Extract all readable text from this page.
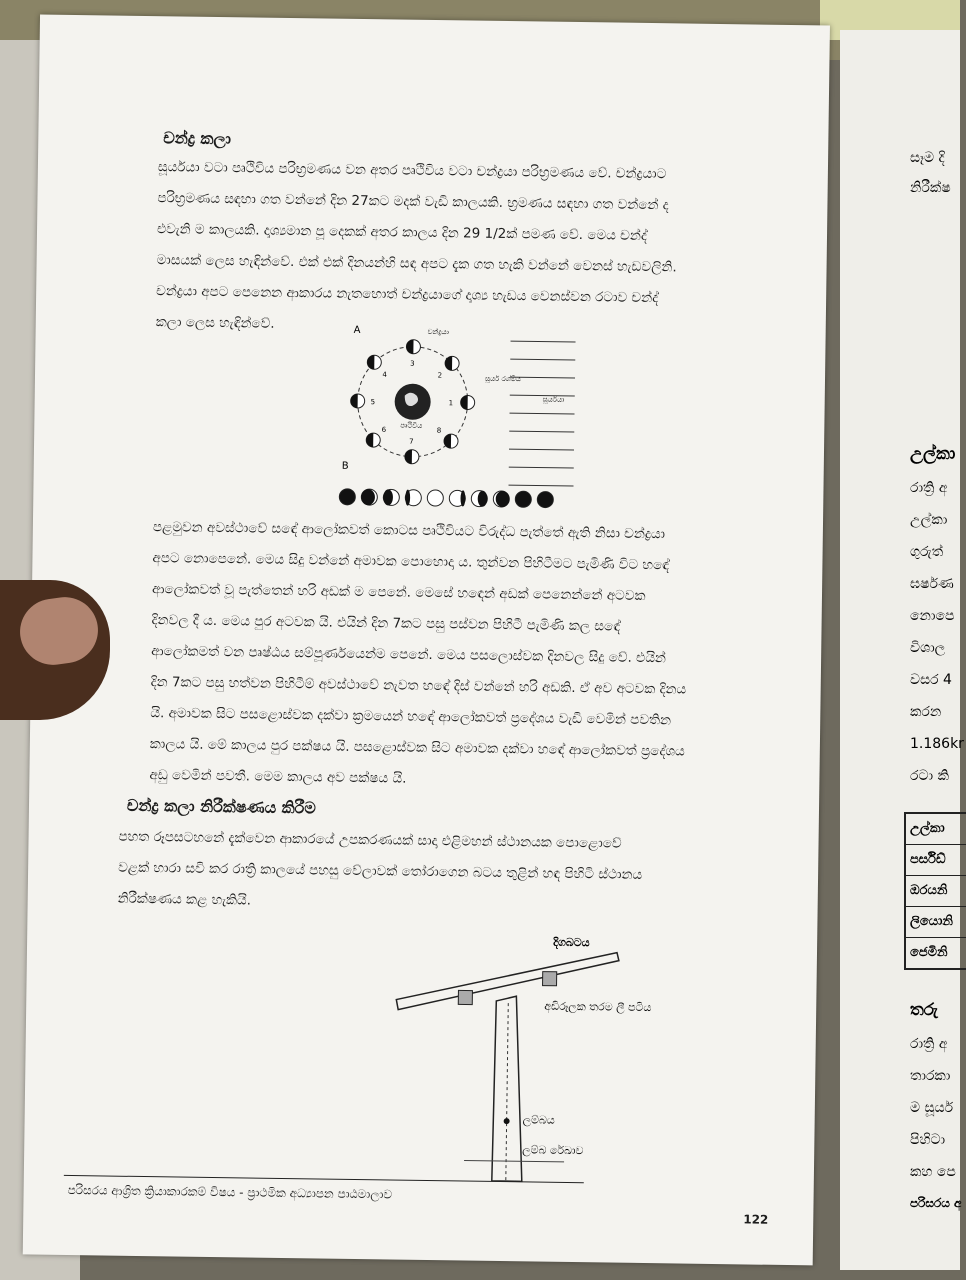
සෑම දි
නිරීක්ෂ
උල්කා
රාත්‍රි අ
උල්කා
ගුරුත්
ඝර්ෂණ
නොපෙ
විශාල
වසර 4
කරන
1.186kr
රටා කි
උල්කා
පර්සිඩ්
ඔරයනි
ලියොනි
ජෙමිනි
තරු
රාත්‍රි අ
තාරකා
ම සූර්ය
පිහිටා
කහ පෙ
පරිසරය අ
චන්ද්‍ර කලා
සූර්යයා වටා පෘථිවිය පරිභ්‍රමණය වන අතර පෘථිවිය වටා චන්ද්‍රයා පරිභ්‍රමණය වේ. චන්ද්‍රයාට
පරිභ්‍රමණය සඳහා ගත වන්නේ දින 27කට මදක් වැඩි කාලයකි. භ්‍රමණය සඳහා ගත වන්නේ ද
එවැනි ම කාලයකි. දෘශ්‍යමාන පූ දෙකක් අතර කාලය දින 29 1/2ක් පමණ වේ. මෙය චන්ද්‍
මාසයක් ලෙස හැඳින්වේ. එක් එක් දිනයන්හි සඳ අපට දැක ගත හැකි වන්නේ වෙනස් හැඩවලිනි.
චන්ද්‍රයා අපට පෙනෙන ආකාරය නැතහොත් චන්ද්‍රයාගේ දෘශ්‍ය හැඩය වෙනස්වන රටාව චන්ද්‍
කලා ලෙස හැඳින්වේ.	A
B
චන්ද්‍රයා
සූර්ය රශ්මිය
සූර්යයා
පෘථිවිය
1
2
3
4
5
6
7
8
පළමුවන අවස්ථාවේ සඳේ ආලෝකවත් කොටස පෘථිවියට විරුද්ධ පැත්තේ ඇති නිසා චන්ද්‍රයා
අපට නොපෙනේ. මෙය සිදු වන්නේ අමාවක පොහොදා ය. තුන්වන පිහිටීමට පැමිණි විට හඳේ
ආලෝකවත් වූ පැත්තෙන් හරි අඩක් ම පෙනේ. මෙසේ හඳෙන් අඩක් පෙනෙන්නේ අටවක
දිනවල දී ය. මෙය පුර අටවක යි. එයින් දින 7කට පසු පස්වන පිහිටී පැමිණි කල සඳේ
ආලෝකමත් වන පෘෂ්ඨය සම්පූර්ණයෙන්ම පෙනේ. මෙය පසලොස්වක දිනවල සිදු වේ. එයින්
දින 7කට පසු හත්වන පිහිටීම් අවස්ථාවේ නැවත හඳේ දිස් වන්නේ හරි අඩකි. ඒ අව අටවක දිනය
යි. අමාවක සිට පසළොස්වක දක්වා ක්‍රමයෙන් හඳේ ආලෝකවත් ප්‍රදේශය වැඩි වෙමින් පවතින
කාලය යි. මේ කාලය පුර පක්ෂය යි. පසළොස්වක සිට අමාවක දක්වා හඳේ ආලෝකවත් ප්‍රදේශය
අඩු වෙමින් පවතී. මෙම කාලය අව පක්ෂය යි.
චන්ද්‍ර කලා නිරීක්ෂණය කිරීම
පහත රූපසටහනේ දැක්වෙන ආකාරයේ උපකරණයක් සාදා එළිමහන් ස්ථානයක පොළොවේ
වළක් හාරා සවි කර රාත්‍රි කාලයේ පහසු වේලාවක් තෝරාගෙන බටය තුළින් හඳ පිහිටි ස්ථානය
නිරීක්ෂණය කළ හැකියි.
දිගබටය
අඩිරූලක තරම ලී පටිය
ලම්බය
ලම්බ රේඛාව
පරිසරය ආශ්‍රිත ක්‍රියාකාරකම් විෂය - ප්‍රාථමික අධ්‍යාපන පාඨමාලාව
122
